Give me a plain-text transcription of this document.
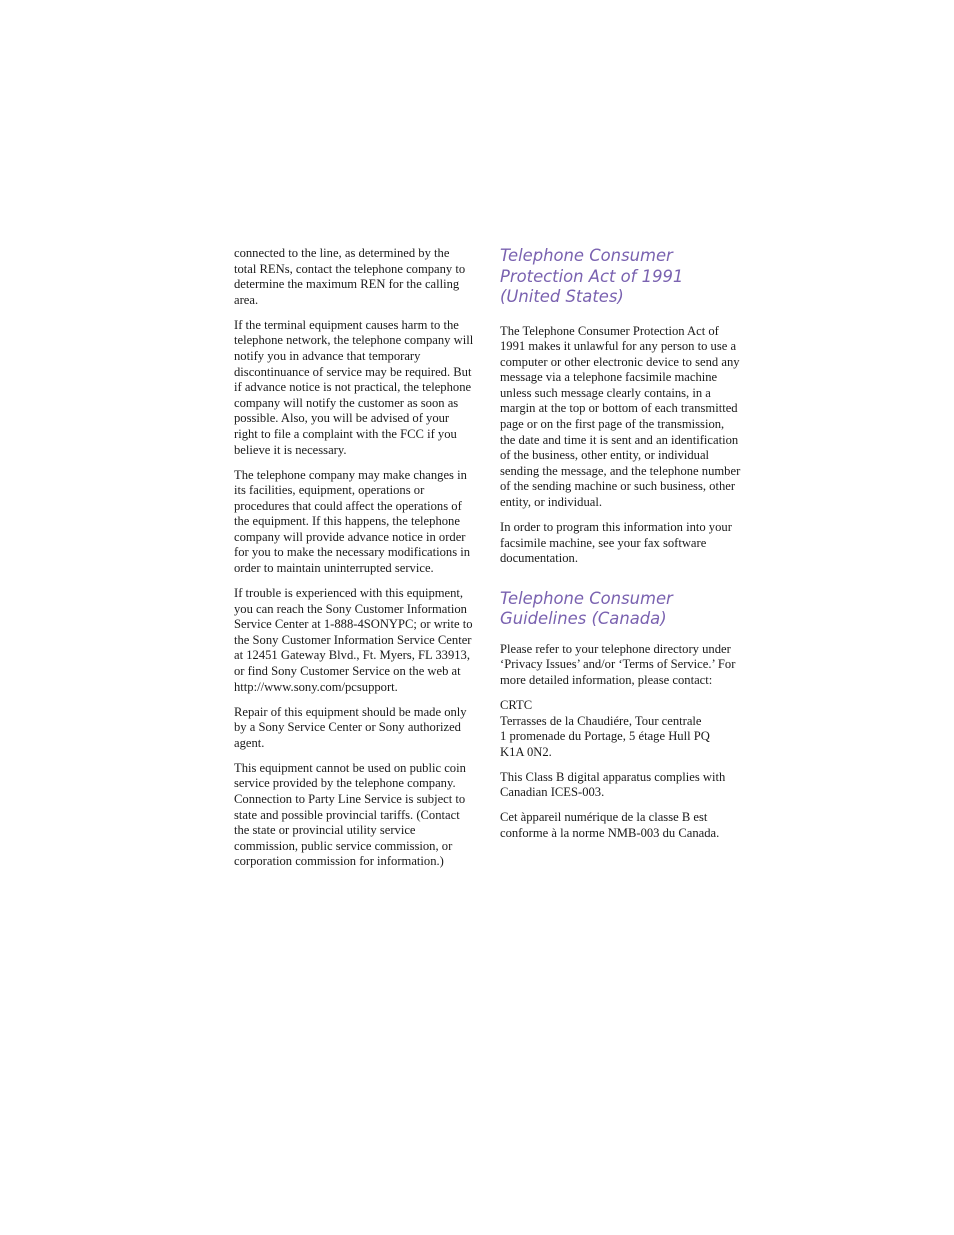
connected to the line, as determined by the total RENs, contact the telephone company to determine the maximum REN for the calling area.

If the terminal equipment causes harm to the telephone network, the telephone company will notify you in advance that temporary discontinuance of service may be required. But if advance notice is not practical, the telephone company will notify the customer as soon as possible. Also, you will be advised of your right to file a complaint with the FCC if you believe it is necessary.

The telephone company may make changes in its facilities, equipment, operations or procedures that could affect the operations of the equipment. If this happens, the telephone company will provide advance notice in order for you to make the necessary modifications in order to maintain uninterrupted service.

If trouble is experienced with this equipment, you can reach the Sony Customer Information Service Center at 1-888-4SONYPC; or write to the Sony Customer Information Service Center at 12451 Gateway Blvd., Ft. Myers, FL 33913, or find Sony Customer Service on the web at http://www.sony.com/pcsupport.

Repair of this equipment should be made only by a Sony Service Center or Sony authorized agent.

This equipment cannot be used on public coin service provided by the telephone company. Connection to Party Line Service is subject to state and possible provincial tariffs. (Contact the state or provincial utility service commission, public service commission, or corporation commission for information.)

Telephone Consumer
Protection Act of 1991
(United States)

The Telephone Consumer Protection Act of 1991 makes it unlawful for any person to use a computer or other electronic device to send any message via a telephone facsimile machine unless such message clearly contains, in a margin at the top or bottom of each transmitted page or on the first page of the transmission, the date and time it is sent and an identification of the business, other entity, or individual sending the message, and the telephone number of the sending machine or such business, other entity, or individual.

In order to program this information into your facsimile machine, see your fax software documentation.

Telephone Consumer
Guidelines (Canada)

Please refer to your telephone directory under ‘Privacy Issues’ and/or ‘Terms of Service.’ For more detailed information, please contact:

CRTC
Terrasses de la Chaudiére, Tour centrale
1 promenade du Portage, 5 étage Hull PQ
K1A 0N2.

This Class B digital apparatus complies with Canadian ICES-003.

Cet àppareil numérique de la classe B est conforme à la norme NMB-003 du Canada.
